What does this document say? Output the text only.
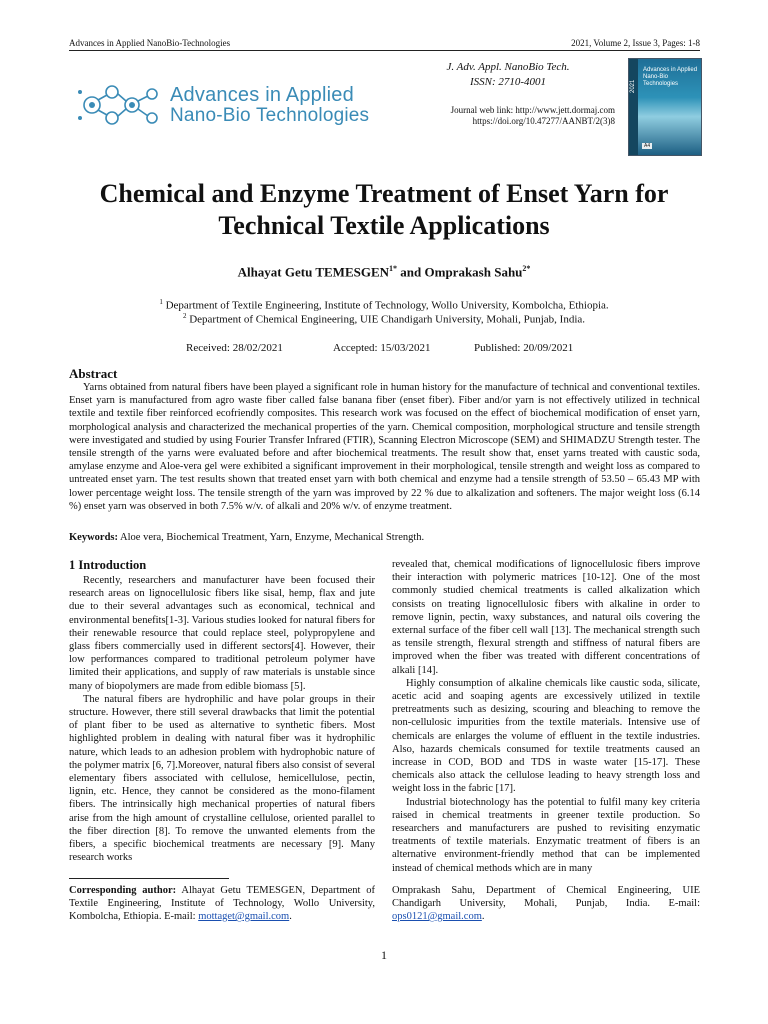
Advances in Applied NanoBio-Technologies	2021, Volume 2, Issue 3, Pages: 1-8
Advances in Applied
Nano-Bio Technologies
J. Adv. Appl. NanoBio Tech.
ISSN: 2710-4001
Journal web link: http://www.jett.dormaj.com
https://doi.org/10.47277/AANBT/2(3)8
2021
Advances in Applied Nano-Bio Technologies
A4
Chemical and Enzyme Treatment of Enset Yarn for
Technical Textile Applications
Alhayat Getu $TEMESGEN^{1*}$ and Omprakash Sahu$^{2*}$
$^1$ Department of Textile Engineering, Institute of Technology, Wollo University, Kombolcha, Ethiopia.
$^2$ Department of Chemical Engineering, UIE Chandigarh University, Mohali, Punjab, India.
Received: 28/02/2021	Accepted: 15/03/2021	Published: 20/09/2021
Abstract
Yarns obtained from natural fibers have been played a significant role in human history for the manufacture of technical and conventional textiles. Enset yarn is manufactured from agro waste fiber called false banana fiber (enset fiber). Fiber and/or yarn is not effectively utilized in technical textile and textile fiber reinforced ecofriendly composites. This research work was focused on the effect of biochemical modification of enset yarn, morphological analysis and characterized the mechanical properties of the yarn. Chemical composition, morphological structure and tensile strength were investigated and studied by using Fourier Transfer Infrared (FTIR), Scanning Electron Microscope (SEM) and SHIMADZU Strength tester. The tensile strength of the yarns were evaluated before and after biochemical treatments. The result show that, enset yarns treated with caustic soda, amylase enzyme and Aloe-vera gel were exhibited a significant improvement in their morphological, tensile strength and weight loss as compared to untreated enset yarn. The test results shown that treated enset yarn with both chemical and enzyme had a tensile strength of 53.50 – 65.43 MP with lower percentage weight loss. The tensile strength of the yarn was improved by 22 % due to alkalization and softeners. The major weight loss (6.14 %) enset yarn was observed in both 7.5% w/v. of alkali and 20% w/v. of enzyme treatment.
Keywords: Aloe vera, Biochemical Treatment, Yarn, Enzyme, Mechanical Strength.
1 Introduction

Recently, researchers and manufacturer have been focused their research areas on lignocellulosic fibers like sisal, hemp, flax and jute due to their several advantages such as economical, technical and environmental benefits[1-3]. Various studies looked for natural fibers for their renewable resource that could replace steel, polypropylene and glass fibers commercially used in different sectors[4]. However, their low performances compared to traditional petroleum polymer have limited their applications, and supply of raw materials is unstable since many of biopolymers are made from edible biomass [5].

The natural fibers are hydrophilic and have polar groups in their structure. However, there still several drawbacks that limit the potential of plant fiber to be used as alternative to synthetic fibers. Most highlighted problem in dealing with natural fiber was it hydrophilic nature, which leads to an adhesion problem with hydrophobic nature of the polymer matrix [6, 7].Moreover, natural fibers also consist of several elementary fibers associated with cellulose, hemicellulose, pectin, lignin, etc. Hence, they cannot be considered as the mono-filament fibers. The intrinsically high mechanical properties of natural fibers arise from the high amount of crystalline cellulose, oriented parallel to the fiber direction [8]. To remove the unwanted elements from the fibers, a specific biochemical treatments are necessary [9]. Many research works

revealed that, chemical modifications of lignocellulosic fibers improve their interaction with polymeric matrices [10-12]. One of the most commonly studied chemical treatments is called alkalization which consists on treating lignocellulosic fibers with alkaline in order to remove lignin, pectin, waxy substances, and natural oils covering the external surface of the fiber cell wall [13]. The mechanical strength such as tensile strength, flexural strength and stiffness of natural fibers are improved when the fiber was treated with different concentrations of alkali [14].

Highly consumption of alkaline chemicals like caustic soda, silicate, acetic acid and soaping agents are excessively utilized in textile pretreatments such as desizing, scouring and bleaching to remove the non-cellulosic impurities from the textile materials. Intensive use of chemicals are enlarges the volume of effluent in the textile industries. Also, hazards chemicals consumed for textile treatments caused an increase in COD, BOD and TDS in waste water [15-17]. These chemicals also attack the cellulose leading to heavy strength loss and weight loss in the fabric [17].

Industrial biotechnology has the potential to fulfil many key criteria raised in chemical treatments in greener textile production. So researchers and manufacturers are pushed to revisiting enzymatic treatments of textile materials. Enzymatic treatment of fibers is an alternative environment-friendly method that can be implemented instead of chemical methods which are in many

Corresponding author: Alhayat Getu TEMESGEN, Department of Textile Engineering, Institute of Technology, Wollo University, Kombolcha, Ethiopia. E-mail: mottaget@gmail.com.
Omprakash Sahu, Department of Chemical Engineering, UIE Chandigarh University, Mohali, Punjab, India. E-mail: ops0121@gmail.com.
1
